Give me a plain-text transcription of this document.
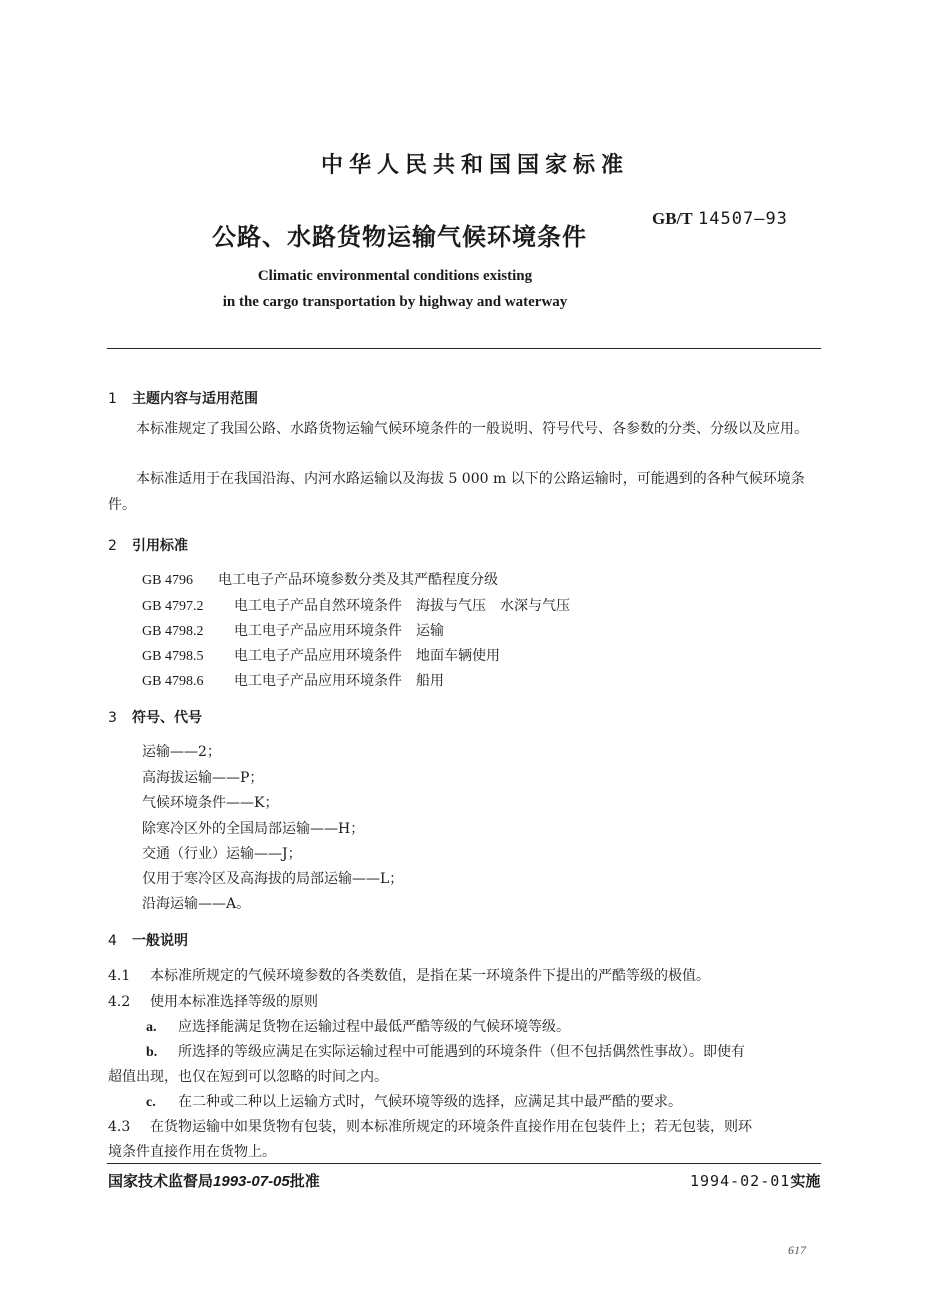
中华人民共和国国家标准
公路、水路货物运输气候环境条件
GB/T 14507—93
Climatic environmental conditions existing
in the cargo transportation by highway and waterway
1 主题内容与适用范围
本标准规定了我国公路、水路货物运输气候环境条件的一般说明、符号代号、各参数的分类、分级以及应用。
本标准适用于在我国沿海、内河水路运输以及海拔 5 000 m 以下的公路运输时，可能遇到的各种气候环境条件。
2 引用标准
GB 4796 电工电子产品环境参数分类及其严酷程度分级
GB 4797.2 电工电子产品自然环境条件　海拔与气压　水深与气压
GB 4798.2 电工电子产品应用环境条件　运输
GB 4798.5 电工电子产品应用环境条件　地面车辆使用
GB 4798.6 电工电子产品应用环境条件　船用
3 符号、代号
运输——2；
高海拔运输——P；
气候环境条件——K；
除寒冷区外的全国局部运输——H；
交通（行业）运输——J；
仅用于寒冷区及高海拔的局部运输——L；
沿海运输——A。
4 一般说明
4.1 本标准所规定的气候环境参数的各类数值，是指在某一环境条件下提出的严酷等级的极值。
4.2 使用本标准选择等级的原则
a. 应选择能满足货物在运输过程中最低严酷等级的气候环境等级。
b. 所选择的等级应满足在实际运输过程中可能遇到的环境条件（但不包括偶然性事故）。即使有
超值出现，也仅在短到可以忽略的时间之内。
c. 在二种或二种以上运输方式时，气候环境等级的选择，应满足其中最严酷的要求。
4.3 在货物运输中如果货物有包装，则本标准所规定的环境条件直接作用在包装件上；若无包装，则环
境条件直接作用在货物上。
国家技术监督局1993-07-05批准	1994-02-01实施
617
